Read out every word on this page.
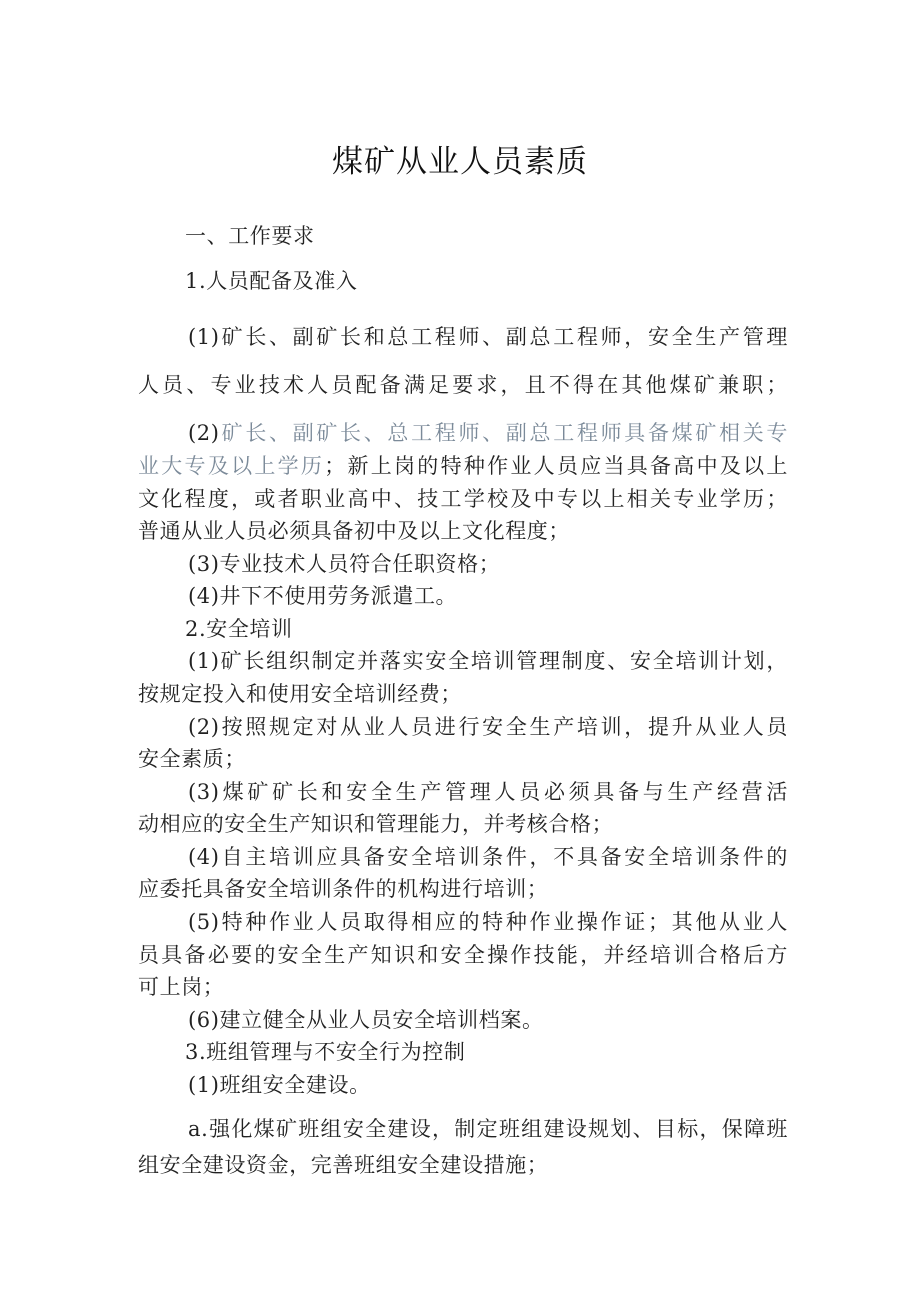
煤矿从业人员素质

一、工作要求

1.人员配备及准入

(1)矿长、副矿长和总工程师、副总工程师，安全生产管理

人员、专业技术人员配备满足要求，且不得在其他煤矿兼职；

(2)矿长、副矿长、总工程师、副总工程师具备煤矿相关专

业大专及以上学历；新上岗的特种作业人员应当具备高中及以上

文化程度，或者职业高中、技工学校及中专以上相关专业学历；

普通从业人员必须具备初中及以上文化程度；

(3)专业技术人员符合任职资格；

(4)井下不使用劳务派遣工。

2.安全培训

(1)矿长组织制定并落实安全培训管理制度、安全培训计划，

按规定投入和使用安全培训经费；

(2)按照规定对从业人员进行安全生产培训，提升从业人员

安全素质；

(3)煤矿矿长和安全生产管理人员必须具备与生产经营活

动相应的安全生产知识和管理能力，并考核合格；

(4)自主培训应具备安全培训条件，不具备安全培训条件的

应委托具备安全培训条件的机构进行培训；

(5)特种作业人员取得相应的特种作业操作证；其他从业人

员具备必要的安全生产知识和安全操作技能，并经培训合格后方

可上岗；

(6)建立健全从业人员安全培训档案。

3.班组管理与不安全行为控制

(1)班组安全建设。

a.强化煤矿班组安全建设，制定班组建设规划、目标，保障班

组安全建设资金，完善班组安全建设措施；
